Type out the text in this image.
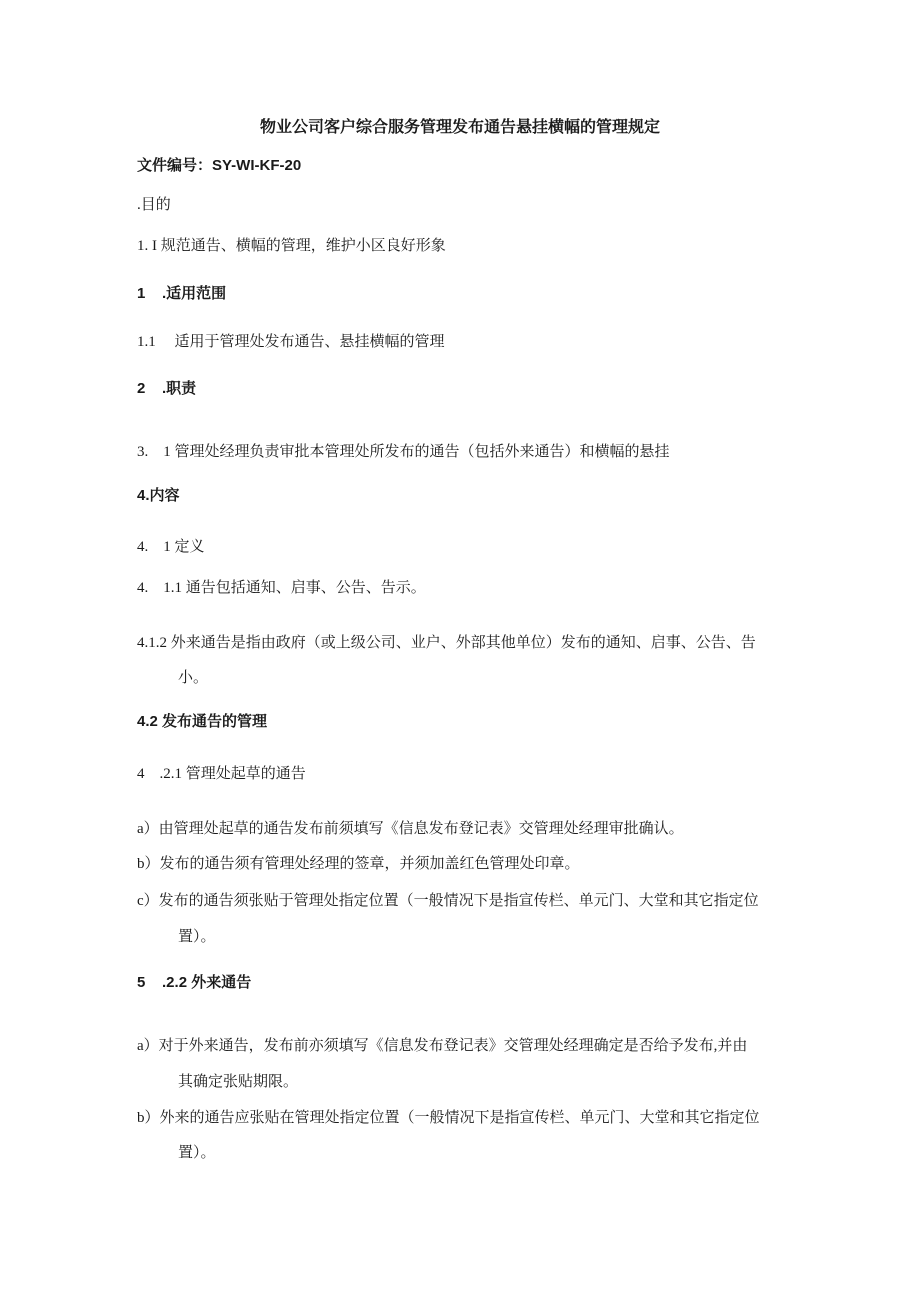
物业公司客户综合服务管理发布通告悬挂横幅的管理规定
文件编号：SY-WI-KF-20
.目的
1. I 规范通告、横幅的管理，维护小区良好形象
1    .适用范围
1.1     适用于管理处发布通告、悬挂横幅的管理
2    .职责
3.    1 管理处经理负责审批本管理处所发布的通告（包括外来通告）和横幅的悬挂
4.内容
4.    1 定义
4.    1.1 通告包括通知、启事、公告、告示。
4.1.2 外来通告是指由政府（或上级公司、业户、外部其他单位）发布的通知、启事、公告、告
小。
4.2 发布通告的管理
4    .2.1 管理处起草的通告
a）由管理处起草的通告发布前须填写《信息发布登记表》交管理处经理审批确认。
b）发布的通告须有管理处经理的签章，并须加盖红色管理处印章。
c）发布的通告须张贴于管理处指定位置（一般情况下是指宣传栏、单元门、大堂和其它指定位
置）。
5    .2.2 外来通告
a）对于外来通告，发布前亦须填写《信息发布登记表》交管理处经理确定是否给予发布,并由
其确定张贴期限。
b）外来的通告应张贴在管理处指定位置（一般情况下是指宣传栏、单元门、大堂和其它指定位
置）。
